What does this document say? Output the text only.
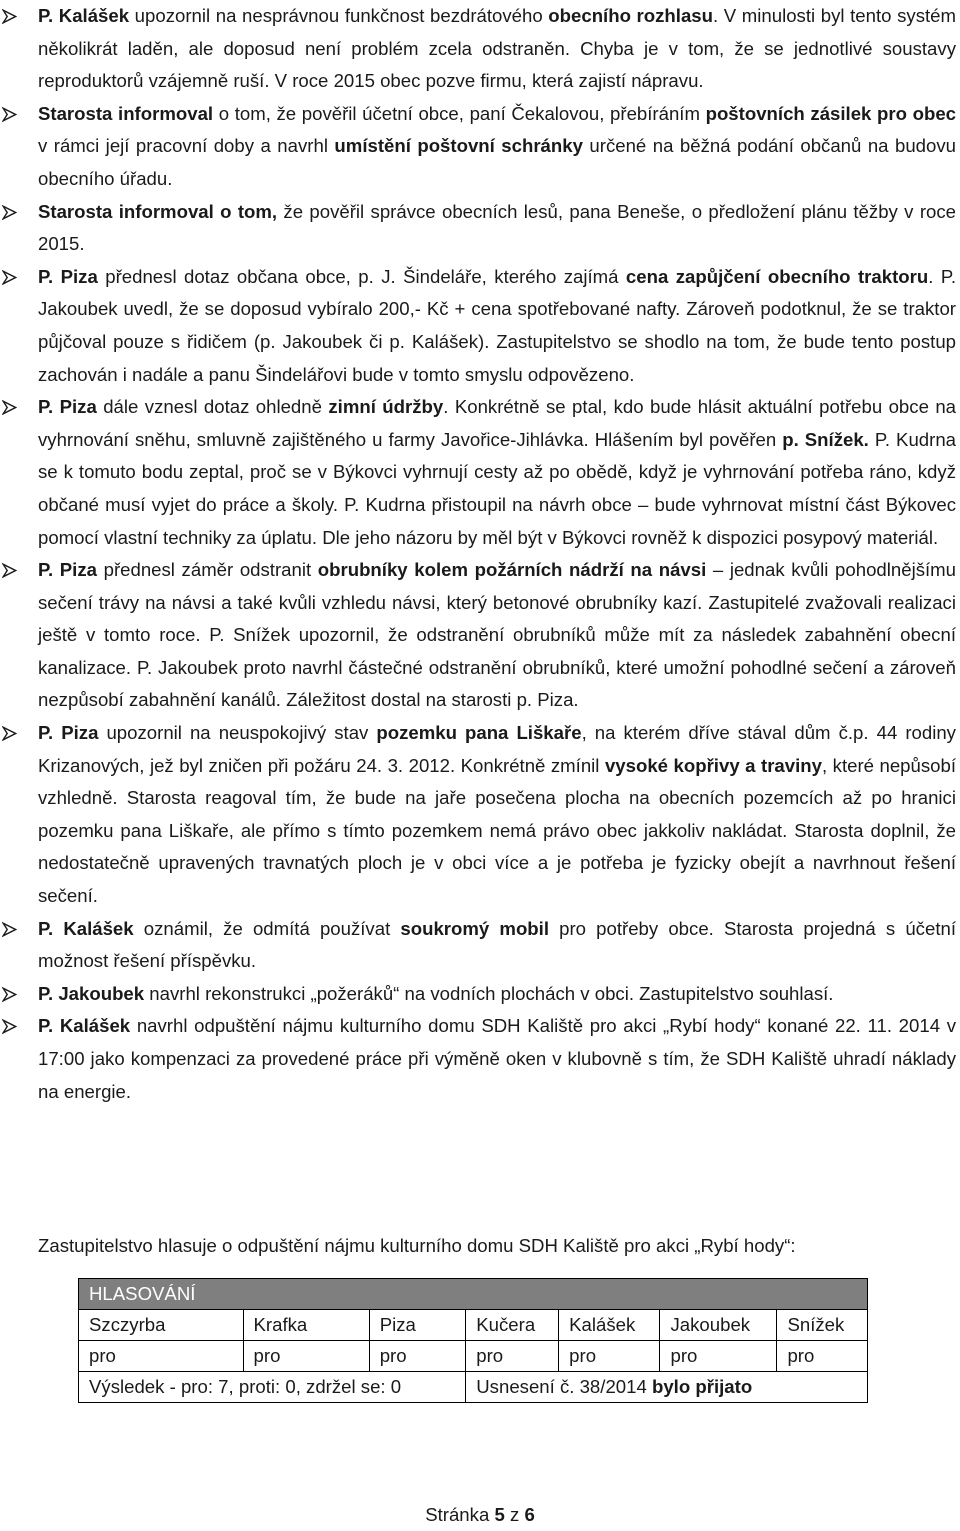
P. Kalášek upozornil na nesprávnou funkčnost bezdrátového obecního rozhlasu. V minulosti byl tento systém několikrát laděn, ale doposud není problém zcela odstraněn. Chyba je v tom, že se jednotlivé soustavy reproduktorů vzájemně ruší. V roce 2015 obec pozve firmu, která zajistí nápravu.
Starosta informoval o tom, že pověřil účetní obce, paní Čekalovou, přebíráním poštovních zásilek pro obec v rámci její pracovní doby a navrhl umístění poštovní schránky určené na běžná podání občanů na budovu obecního úřadu.
Starosta informoval o tom, že pověřil správce obecních lesů, pana Beneše, o předložení plánu těžby v roce 2015.
P. Piza přednesl dotaz občana obce, p. J. Šindeláře, kterého zajímá cena zapůjčení obecního traktoru. P. Jakoubek uvedl, že se doposud vybíralo 200,- Kč + cena spotřebované nafty. Zároveň podotknul, že se traktor půjčoval pouze s řidičem (p. Jakoubek či p. Kalášek). Zastupitelstvo se shodlo na tom, že bude tento postup zachován i nadále a panu Šindelářovi bude v tomto smyslu odpovězeno.
P. Piza dále vznesl dotaz ohledně zimní údržby. Konkrétně se ptal, kdo bude hlásit aktuální potřebu obce na vyhrnování sněhu, smluvně zajištěného u farmy Javořice-Jihlávka. Hlášením byl pověřen p. Snížek. P. Kudrna se k tomuto bodu zeptal, proč se v Býkovci vyhrnují cesty až po obědě, když je vyhrnování potřeba ráno, když občané musí vyjet do práce a školy. P. Kudrna přistoupil na návrh obce – bude vyhrnovat místní část Býkovec pomocí vlastní techniky za úplatu. Dle jeho názoru by měl být v Býkovci rovněž k dispozici posypový materiál.
P. Piza přednesl záměr odstranit obrubníky kolem požárních nádrží na návsi – jednak kvůli pohodlnějšímu sečení trávy na návsi a také kvůli vzhledu návsi, který betonové obrubníky kazí. Zastupitelé zvažovali realizaci ještě v tomto roce. P. Snížek upozornil, že odstranění obrubníků může mít za následek zabahnění obecní kanalizace. P. Jakoubek proto navrhl částečné odstranění obrubníků, které umožní pohodlné sečení a zároveň nezpůsobí zabahnění kanálů. Záležitost dostal na starosti p. Piza.
P. Piza upozornil na neuspokojivý stav pozemku pana Liškaře, na kterém dříve stával dům č.p. 44 rodiny Krizanových, jež byl zničen při požáru 24. 3. 2012. Konkrétně zmínil vysoké kopřivy a traviny, které nepůsobí vzhledně. Starosta reagoval tím, že bude na jaře posečena plocha na obecních pozemcích až po hranici pozemku pana Liškaře, ale přímo s tímto pozemkem nemá právo obec jakkoliv nakládat. Starosta doplnil, že nedostatečně upravených travnatých ploch je v obci více a je potřeba je fyzicky obejít a navrhnout řešení sečení.
P. Kalášek oznámil, že odmítá používat soukromý mobil pro potřeby obce. Starosta projedná s účetní možnost řešení příspěvku.
P. Jakoubek navrhl rekonstrukci „požeráků“ na vodních plochách v obci. Zastupitelstvo souhlasí.
P. Kalášek navrhl odpuštění nájmu kulturního domu SDH Kaliště pro akci „Rybí hody“ konané 22. 11. 2014 v 17:00 jako kompenzaci za provedené práce při výměně oken v klubovně s tím, že SDH Kaliště uhradí náklady na energie.

Zastupitelstvo hlasuje o odpuštění nájmu kulturního domu SDH Kaliště pro akci „Rybí hody“:

HLASOVÁNÍ						
Szczyrba	Krafka	Piza	Kučera	Kalášek	Jakoubek	Snížek
pro	pro	pro	pro	pro	pro	pro
Výsledek - pro: 7, proti: 0, zdržel se: 0			Usnesení č. 38/2014 bylo přijato			
Stránka 5 z 6
